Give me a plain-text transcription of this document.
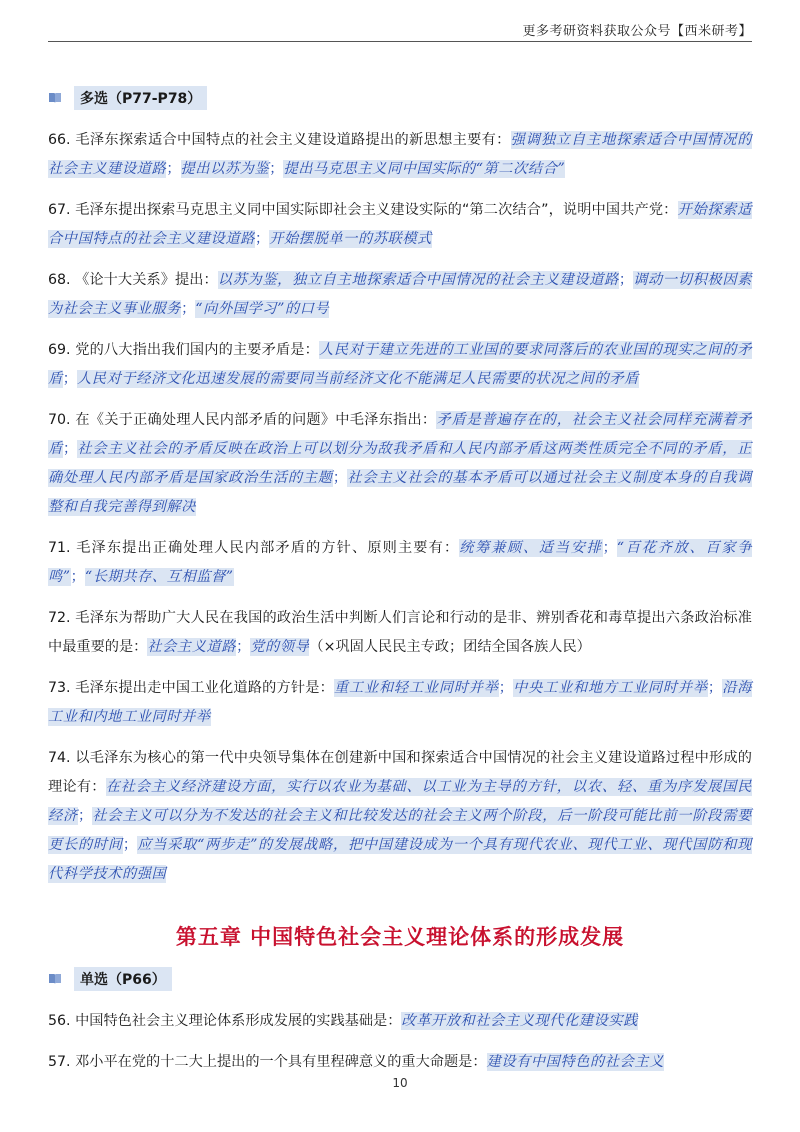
更多考研资料获取公众号【西米研考】
多选（P77-P78）

66. 毛泽东探索适合中国特点的社会主义建设道路提出的新思想主要有：强调独立自主地探索适合中国情况的社会主义建设道路；提出以苏为鉴；提出马克思主义同中国实际的“第二次结合”

67. 毛泽东提出探索马克思主义同中国实际即社会主义建设实际的“第二次结合”，说明中国共产党：开始探索适合中国特点的社会主义建设道路；开始摆脱单一的苏联模式

68. 《论十大关系》提出：以苏为鉴，独立自主地探索适合中国情况的社会主义建设道路；调动一切积极因素为社会主义事业服务；“向外国学习”的口号

69. 党的八大指出我们国内的主要矛盾是：人民对于建立先进的工业国的要求同落后的农业国的现实之间的矛盾；人民对于经济文化迅速发展的需要同当前经济文化不能满足人民需要的状况之间的矛盾

70. 在《关于正确处理人民内部矛盾的问题》中毛泽东指出：矛盾是普遍存在的，社会主义社会同样充满着矛盾；社会主义社会的矛盾反映在政治上可以划分为敌我矛盾和人民内部矛盾这两类性质完全不同的矛盾，正确处理人民内部矛盾是国家政治生活的主题；社会主义社会的基本矛盾可以通过社会主义制度本身的自我调整和自我完善得到解决

71. 毛泽东提出正确处理人民内部矛盾的方针、原则主要有：统筹兼顾、适当安排；“百花齐放、百家争鸣”；“长期共存、互相监督”

72. 毛泽东为帮助广大人民在我国的政治生活中判断人们言论和行动的是非、辨别香花和毒草提出六条政治标准中最重要的是：社会主义道路；党的领导（×巩固人民民主专政；团结全国各族人民）

73. 毛泽东提出走中国工业化道路的方针是：重工业和轻工业同时并举；中央工业和地方工业同时并举；沿海工业和内地工业同时并举

74. 以毛泽东为核心的第一代中央领导集体在创建新中国和探索适合中国情况的社会主义建设道路过程中形成的理论有：在社会主义经济建设方面，实行以农业为基础、以工业为主导的方针，以农、轻、重为序发展国民经济；社会主义可以分为不发达的社会主义和比较发达的社会主义两个阶段，后一阶段可能比前一阶段需要更长的时间；应当采取“两步走”的发展战略，把中国建设成为一个具有现代农业、现代工业、现代国防和现代科学技术的强国

第五章 中国特色社会主义理论体系的形成发展
单选（P66）

56. 中国特色社会主义理论体系形成发展的实践基础是：改革开放和社会主义现代化建设实践

57. 邓小平在党的十二大上提出的一个具有里程碑意义的重大命题是：建设有中国特色的社会主义

10
